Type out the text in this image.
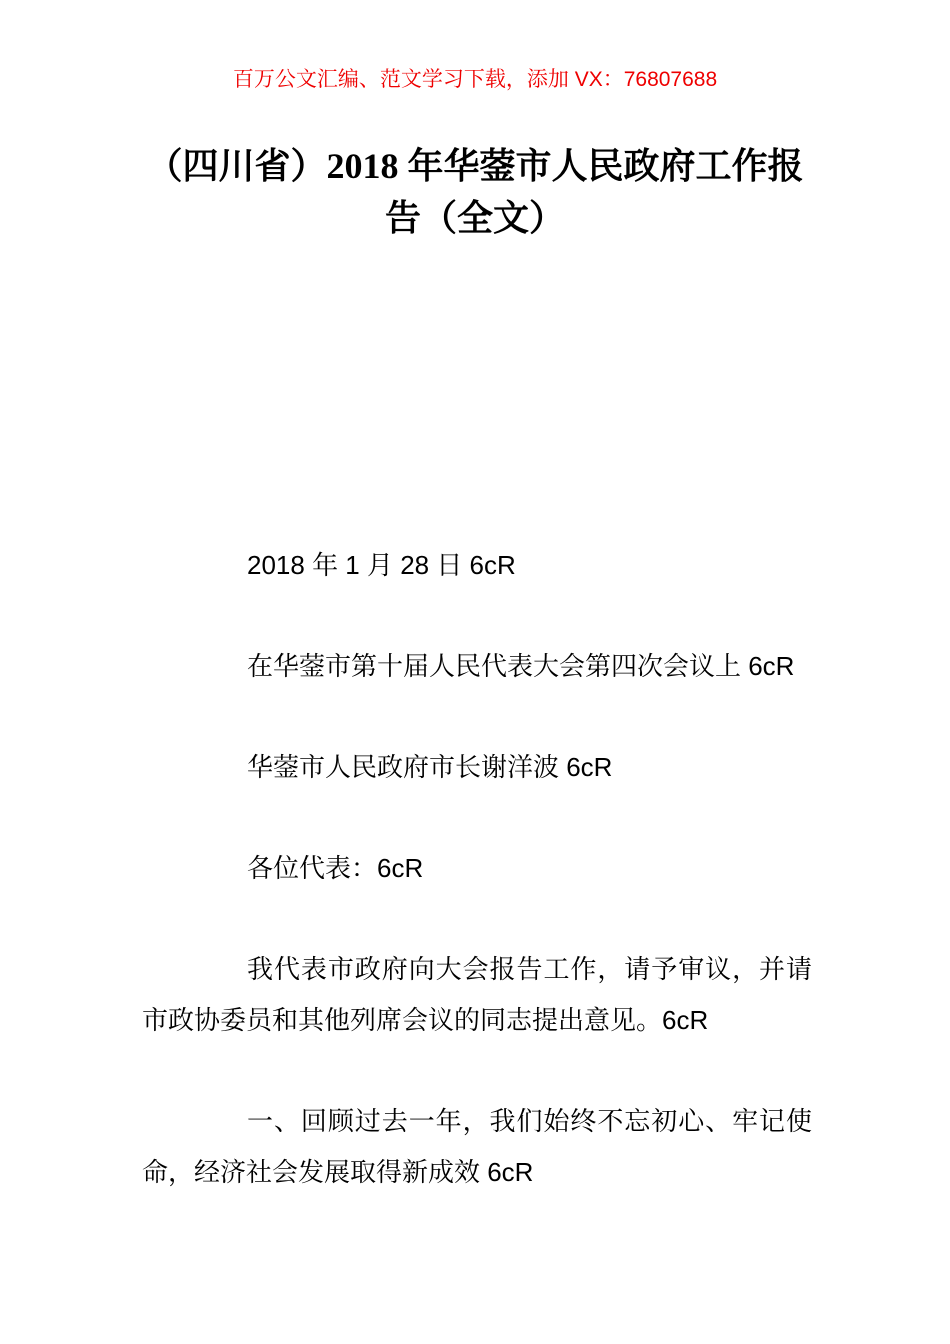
百万公文汇编、范文学习下载，添加 VX：76807688
（四川省）2018 年华蓥市人民政府工作报
告（全文）

2018 年 1 月 28 日 6cR

在华蓥市第十届人民代表大会第四次会议上 6cR

华蓥市人民政府市长谢洋波 6cR

各位代表：6cR

我代表市政府向大会报告工作，请予审议，并请市政协委员和其他列席会议的同志提出意见。6cR

一、回顾过去一年，我们始终不忘初心、牢记使命，经济社会发展取得新成效 6cR
